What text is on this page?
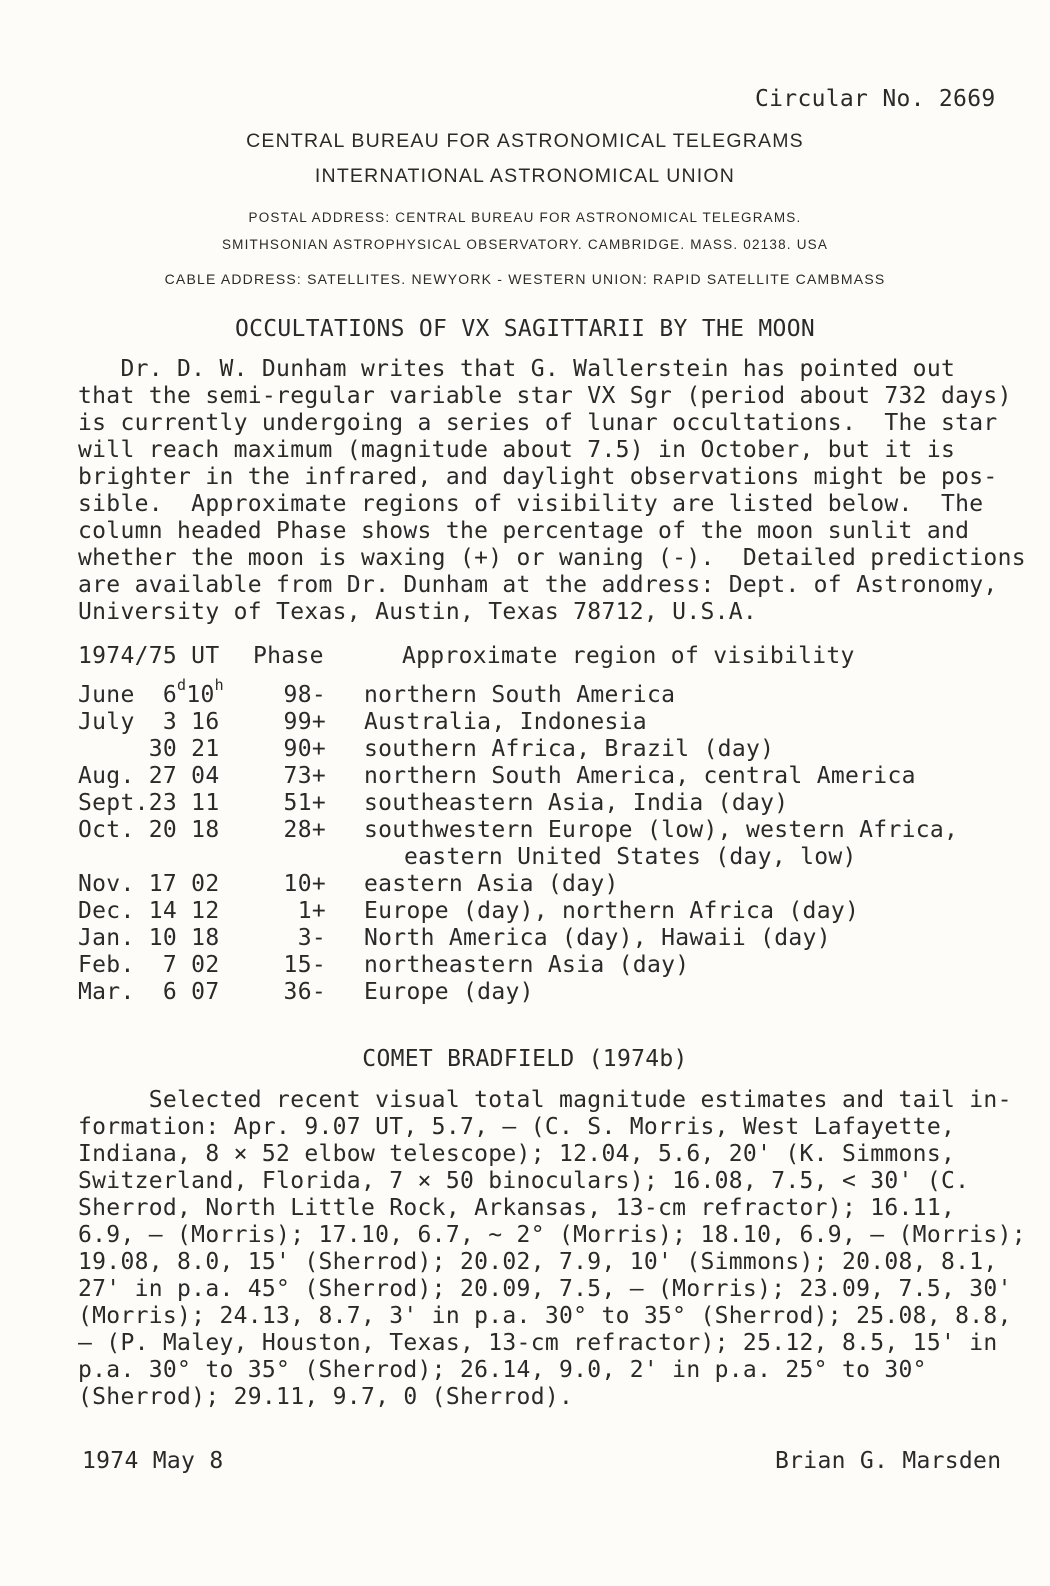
Circular No. 2669
CENTRAL BUREAU FOR ASTRONOMICAL TELEGRAMS
INTERNATIONAL ASTRONOMICAL UNION
POSTAL ADDRESS: CENTRAL BUREAU FOR ASTRONOMICAL TELEGRAMS.
SMITHSONIAN ASTROPHYSICAL OBSERVATORY. CAMBRIDGE. MASS. 02138. USA
CABLE ADDRESS: SATELLITES. NEWYORK - WESTERN UNION: RAPID SATELLITE CAMBMASS
OCCULTATIONS OF VX SAGITTARII BY THE MOON
Dr. D. W. Dunham writes that G. Wallerstein has pointed out
that the semi-regular variable star VX Sgr (period about 732 days)
is currently undergoing a series of lunar occultations.  The star
will reach maximum (magnitude about 7.5) in October, but it is
brighter in the infrared, and daylight observations might be pos-
sible.  Approximate regions of visibility are listed below.  The
column headed Phase shows the percentage of the moon sunlit and
whether the moon is waxing (+) or waning (-).  Detailed predictions
are available from Dr. Dunham at the address: Dept. of Astronomy,
University of Texas, Austin, Texas 78712, U.S.A.
1974/75 UT Phase	Approximate region of visibility
June  6$^d$10$^h$	98- northern South America
July  3 16	99+ Australia, Indonesia
30 21	90+ southern Africa, Brazil (day)
Aug. 27 04	73+ northern South America, central America
Sept.23 11	51+ southeastern Asia, India (day)
Oct. 20 18	28+ southwestern Europe (low), western Africa,
eastern United States (day, low)
Nov. 17 02	10+ eastern Asia (day)
Dec. 14 12	1+ Europe (day), northern Africa (day)
Jan. 10 18	3- North America (day), Hawaii (day)
Feb.  7 02	15- northeastern Asia (day)
Mar.  6 07	36- Europe (day)
COMET BRADFIELD (1974b)
Selected recent visual total magnitude estimates and tail in-
formation: Apr. 9.07 UT, 5.7, — (C. S. Morris, West Lafayette,
Indiana, 8 × 52 elbow telescope); 12.04, 5.6, 20' (K. Simmons,
Switzerland, Florida, 7 × 50 binoculars); 16.08, 7.5, < 30' (C.
Sherrod, North Little Rock, Arkansas, 13-cm refractor); 16.11,
6.9, — (Morris); 17.10, 6.7, ∼ 2° (Morris); 18.10, 6.9, — (Morris);
19.08, 8.0, 15' (Sherrod); 20.02, 7.9, 10' (Simmons); 20.08, 8.1,
27' in p.a. 45° (Sherrod); 20.09, 7.5, — (Morris); 23.09, 7.5, 30'
(Morris); 24.13, 8.7, 3' in p.a. 30° to 35° (Sherrod); 25.08, 8.8,
— (P. Maley, Houston, Texas, 13-cm refractor); 25.12, 8.5, 15' in
p.a. 30° to 35° (Sherrod); 26.14, 9.0, 2' in p.a. 25° to 30°
(Sherrod); 29.11, 9.7, 0 (Sherrod).
1974 May 8	Brian G. Marsden
